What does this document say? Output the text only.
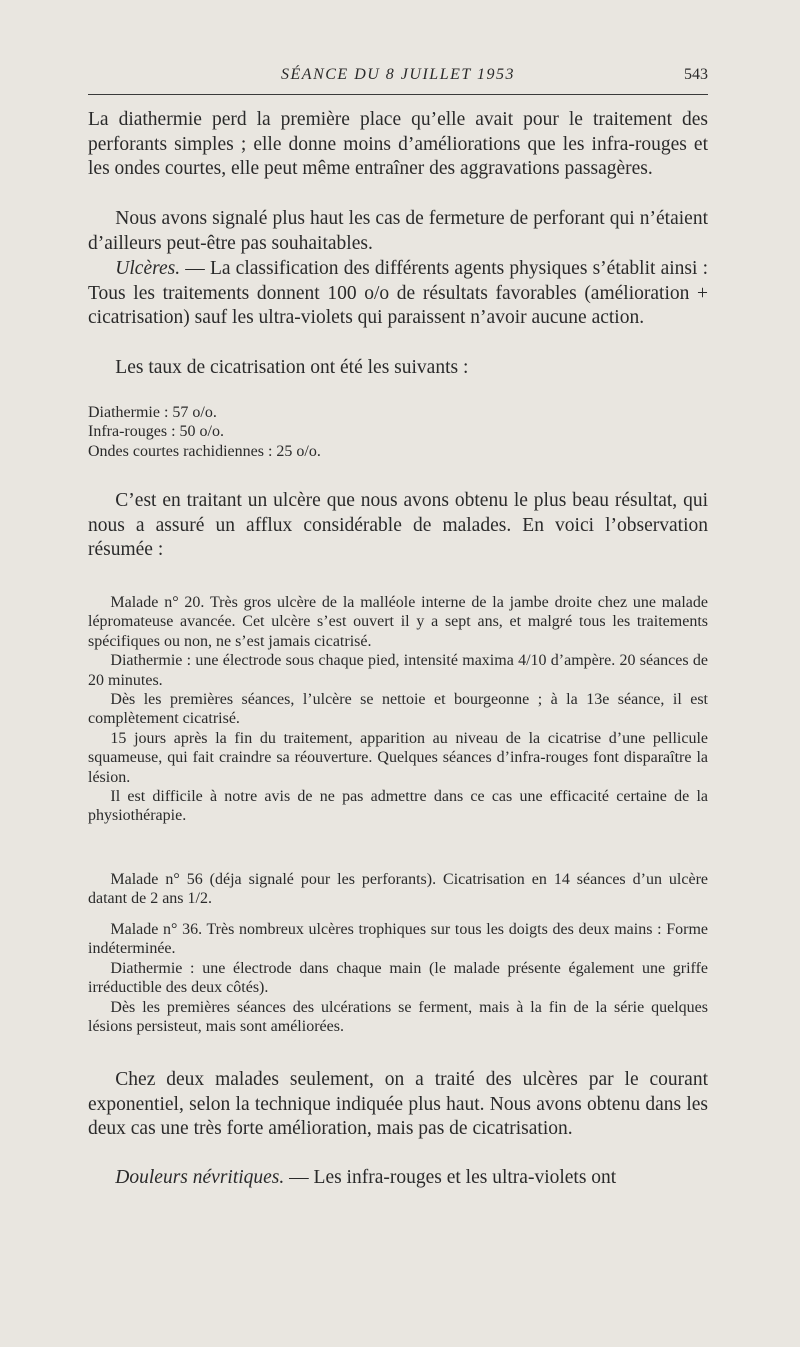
SÉANCE DU 8 JUILLET 1953	543

La diathermie perd la première place qu’elle avait pour le traitement des perforants simples ; elle donne moins d’améliorations que les infra-rouges et les ondes courtes, elle peut même entraîner des aggravations passagères.

Nous avons signalé plus haut les cas de fermeture de perforant qui n’étaient d’ailleurs peut-être pas souhaitables.

Ulcères. — La classification des différents agents physiques s’établit ainsi : Tous les traitements donnent 100 o/o de résultats favorables (amélioration + cicatrisation) sauf les ultra-violets qui paraissent n’avoir aucune action.

Les taux de cicatrisation ont été les suivants :

Diathermie : 57 o/o.
Infra-rouges : 50 o/o.
Ondes courtes rachidiennes : 25 o/o.

C’est en traitant un ulcère que nous avons obtenu le plus beau résultat, qui nous a assuré un afflux considérable de malades. En voici l’observation résumée :

Malade n° 20. Très gros ulcère de la malléole interne de la jambe droite chez une malade lépromateuse avancée. Cet ulcère s’est ouvert il y a sept ans, et malgré tous les traitements spécifiques ou non, ne s’est jamais cicatrisé.
Diathermie : une électrode sous chaque pied, intensité maxima 4/10 d’ampère. 20 séances de 20 minutes.
Dès les premières séances, l’ulcère se nettoie et bourgeonne ; à la 13e séance, il est complètement cicatrisé.
15 jours après la fin du traitement, apparition au niveau de la cicatrise d’une pellicule squameuse, qui fait craindre sa réouverture. Quelques séances d’infra-rouges font disparaître la lésion.
Il est difficile à notre avis de ne pas admettre dans ce cas une efficacité certaine de la physiothérapie.

Malade n° 56 (déja signalé pour les perforants). Cicatrisation en 14 séances d’un ulcère datant de 2 ans 1/2.

Malade n° 36. Très nombreux ulcères trophiques sur tous les doigts des deux mains : Forme indéterminée.
Diathermie : une électrode dans chaque main (le malade présente également une griffe irréductible des deux côtés).
Dès les premières séances des ulcérations se ferment, mais à la fin de la série quelques lésions persisteut, mais sont améliorées.

Chez deux malades seulement, on a traité des ulcères par le courant exponentiel, selon la technique indiquée plus haut. Nous avons obtenu dans les deux cas une très forte amélioration, mais pas de cicatrisation.

Douleurs névritiques. — Les infra-rouges et les ultra-violets ont
